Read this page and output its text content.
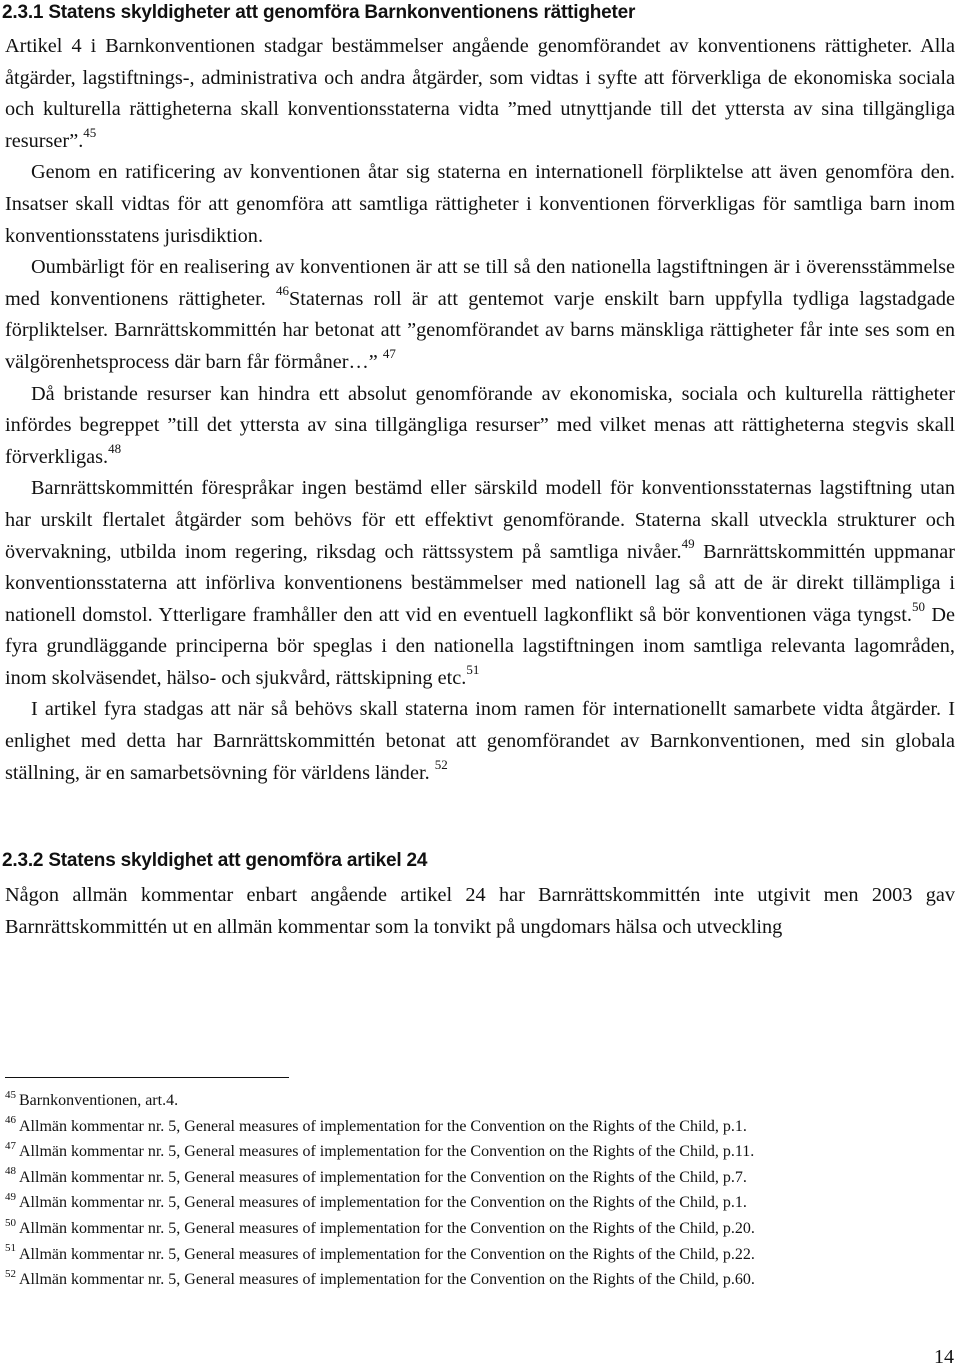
2.3.1 Statens skyldigheter att genomföra Barnkonventionens rättigheter

Artikel 4 i Barnkonventionen stadgar bestämmelser angående genomförandet av konventionens rättigheter. Alla åtgärder, lagstiftnings-, administrativa och andra åtgärder, som vidtas i syfte att förverkliga de ekonomiska sociala och kulturella rättigheterna skall konventionsstaterna vidta ”med utnyttjande till det yttersta av sina tillgängliga resurser”.$^{45}$

Genom en ratificering av konventionen åtar sig staterna en internationell förpliktelse att även genomföra den. Insatser skall vidtas för att genomföra att samtliga rättigheter i konventionen förverkligas för samtliga barn inom konventionsstatens jurisdiktion.

Oumbärligt för en realisering av konventionen är att se till så den nationella lagstiftningen är i överensstämmelse med konventionens rättigheter. $^{46}$Staternas roll är att gentemot varje enskilt barn uppfylla tydliga lagstadgade förpliktelser. Barnrättskommittén har betonat att ”genomförandet av barns mänskliga rättigheter får inte ses som en välgörenhetsprocess där barn får förmåner…” $^{47}$

Då bristande resurser kan hindra ett absolut genomförande av ekonomiska, sociala och kulturella rättigheter infördes begreppet ”till det yttersta av sina tillgängliga resurser” med vilket menas att rättigheterna stegvis skall förverkligas.$^{48}$

Barnrättskommittén förespråkar ingen bestämd eller särskild modell för konventionsstaternas lagstiftning utan har urskilt flertalet åtgärder som behövs för ett effektivt genomförande. Staterna skall utveckla strukturer och övervakning, utbilda inom regering, riksdag och rättssystem på samtliga nivåer.$^{49}$ Barnrättskommittén uppmanar konventionsstaterna att införliva konventionens bestämmelser med nationell lag så att de är direkt tillämpliga i nationell domstol. Ytterligare framhåller den att vid en eventuell lagkonflikt så bör konventionen väga tyngst.$^{50}$ De fyra grundläggande principerna bör speglas i den nationella lagstiftningen inom samtliga relevanta lagområden, inom skolväsendet, hälso- och sjukvård, rättskipning etc.$^{51}$

I artikel fyra stadgas att när så behövs skall staterna inom ramen för internationellt samarbete vidta åtgärder. I enlighet med detta har Barnrättskommittén betonat att genomförandet av Barnkonventionen, med sin globala ställning, är en samarbetsövning för världens länder. $^{52}$

2.3.2 Statens skyldighet att genomföra artikel 24

Någon allmän kommentar enbart angående artikel 24 har Barnrättskommittén inte utgivit men 2003 gav Barnrättskommittén ut en allmän kommentar som la tonvikt på ungdomars hälsa och utveckling

$^{45}$ Barnkonventionen, art.4.
$^{46}$ Allmän kommentar nr. 5, General measures of implementation for the Convention on the Rights of the Child, p.1.
$^{47}$ Allmän kommentar nr. 5, General measures of implementation for the Convention on the Rights of the Child, p.11.
$^{48}$ Allmän kommentar nr. 5, General measures of implementation for the Convention on the Rights of the Child, p.7.
$^{49}$ Allmän kommentar nr. 5, General measures of implementation for the Convention on the Rights of the Child, p.1.
$^{50}$ Allmän kommentar nr. 5, General measures of implementation for the Convention on the Rights of the Child, p.20.
$^{51}$ Allmän kommentar nr. 5, General measures of implementation for the Convention on the Rights of the Child, p.22.
$^{52}$ Allmän kommentar nr. 5, General measures of implementation for the Convention on the Rights of the Child, p.60.
14
